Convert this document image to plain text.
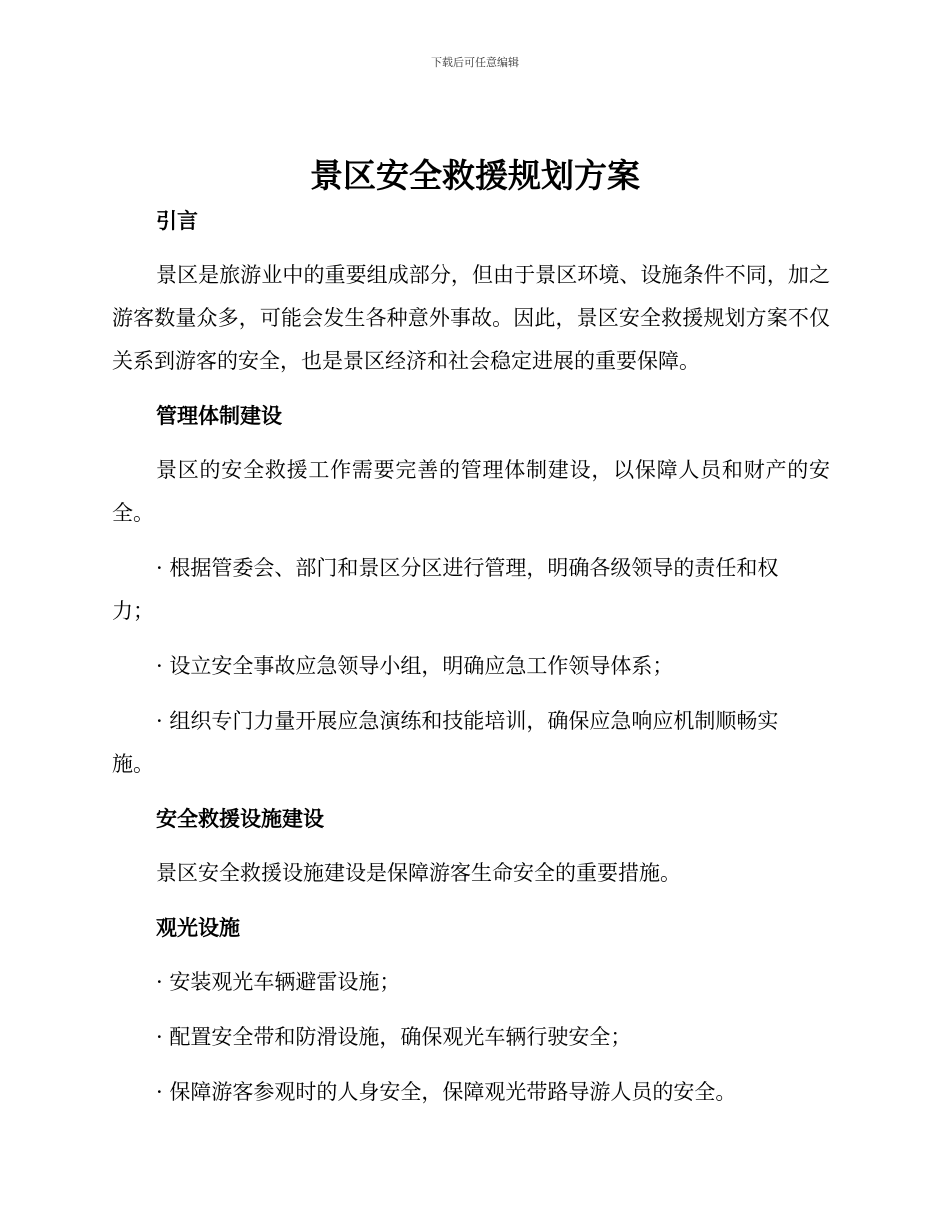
下载后可任意编辑
景区安全救援规划方案

引言

景区是旅游业中的重要组成部分，但由于景区环境、设施条件不同，加之游客数量众多，可能会发生各种意外事故。因此，景区安全救援规划方案不仅关系到游客的安全，也是景区经济和社会稳定进展的重要保障。

管理体制建设

景区的安全救援工作需要完善的管理体制建设，以保障人员和财产的安全。

· 根据管委会、部门和景区分区进行管理，明确各级领导的责任和权力；

· 设立安全事故应急领导小组，明确应急工作领导体系；

· 组织专门力量开展应急演练和技能培训，确保应急响应机制顺畅实施。

安全救援设施建设

景区安全救援设施建设是保障游客生命安全的重要措施。

观光设施

· 安装观光车辆避雷设施；

· 配置安全带和防滑设施，确保观光车辆行驶安全；

· 保障游客参观时的人身安全，保障观光带路导游人员的安全。
